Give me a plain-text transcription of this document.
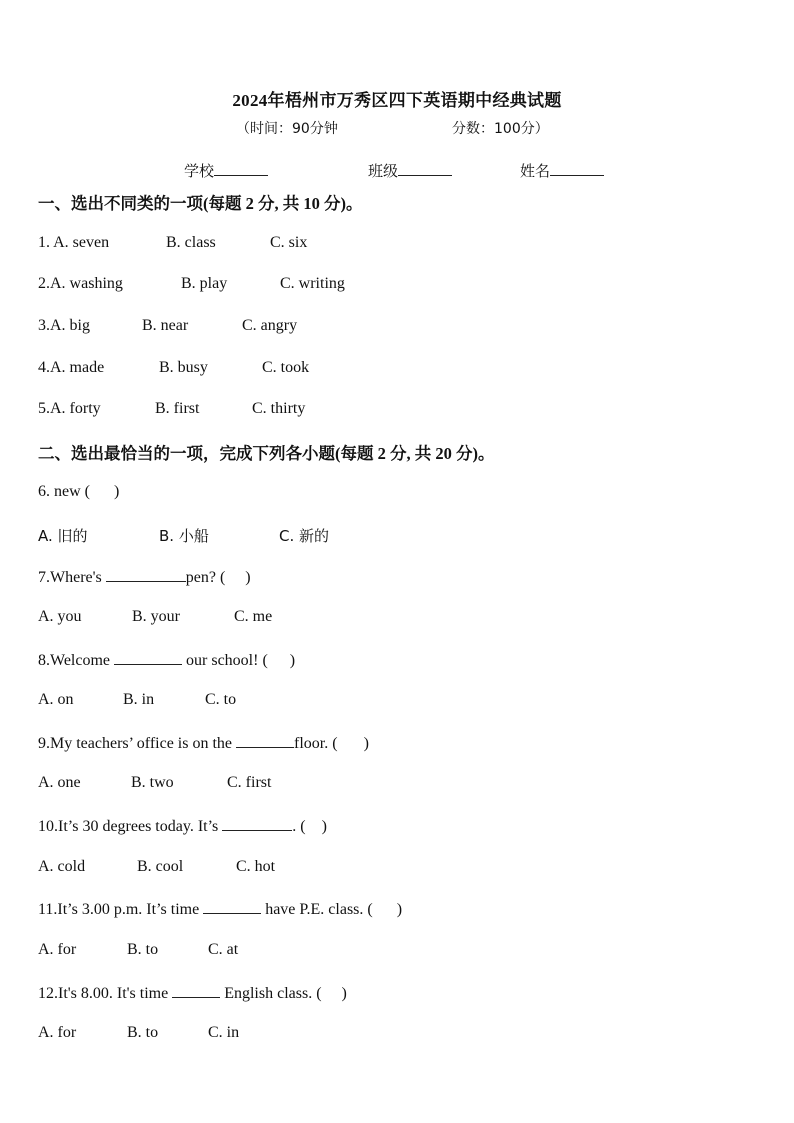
2024年梧州市万秀区四下英语期中经典试题
（时间：90分钟	分数：100分）
学校	班级	姓名
一、选出不同类的一项(每题 2 分, 共 10 分)。
1. A. seven	B. class	C. six
2.A. washing	B. play	C. writing
3.A. big	B. near	C. angry
4.A. made	B. busy	C. took
5.A. forty	B. first	C. thirty
二、选出最恰当的一项，完成下列各小题(每题 2 分, 共 20 分)。
6. new ( )
A. 旧的	B. 小船	C. 新的
7.Where's	pen? ( )
A. you	B. your	C. me
8.Welcome	our school! ( )
A. on	B. in	C. to
9.My teachers’ office is on the	floor. ( )
A. one	B. two	C. first
10.It’s 30 degrees today. It’s	. ( )
A. cold	B. cool	C. hot
11.It’s 3.00 p.m. It’s time	have P.E. class. ( )
A. for	B. to	C. at
12.It's 8.00. It's time	English class. ( )
A. for	B. to	C. in
